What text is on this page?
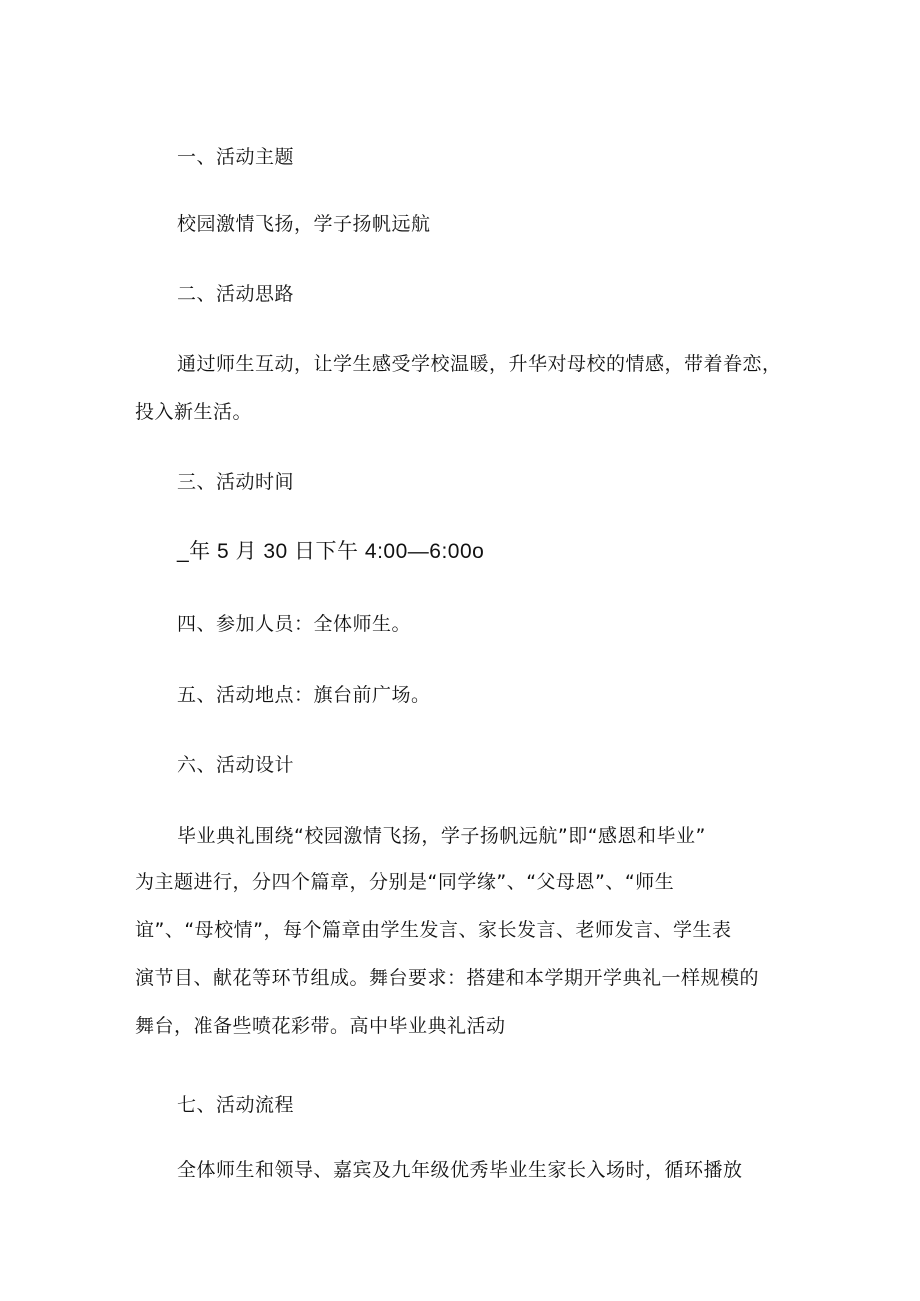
一、活动主题
校园激情飞扬，学子扬帆远航
二、活动思路
通过师生互动，让学生感受学校温暖，升华对母校的情感，带着眷恋，
投入新生活。
三、活动时间
_年 5 月 30 日下午 4:00—6:00o
四、参加人员：全体师生。
五、活动地点：旗台前广场。
六、活动设计
毕业典礼围绕“校园激情飞扬，学子扬帆远航”即“感恩和毕业”
为主题进行，分四个篇章，分别是“同学缘”、“父母恩”、“师生
谊”、“母校情”，每个篇章由学生发言、家长发言、老师发言、学生表
演节目、献花等环节组成。舞台要求：搭建和本学期开学典礼一样规模的
舞台，准备些喷花彩带。高中毕业典礼活动
七、活动流程
全体师生和领导、嘉宾及九年级优秀毕业生家长入场时，循环播放
